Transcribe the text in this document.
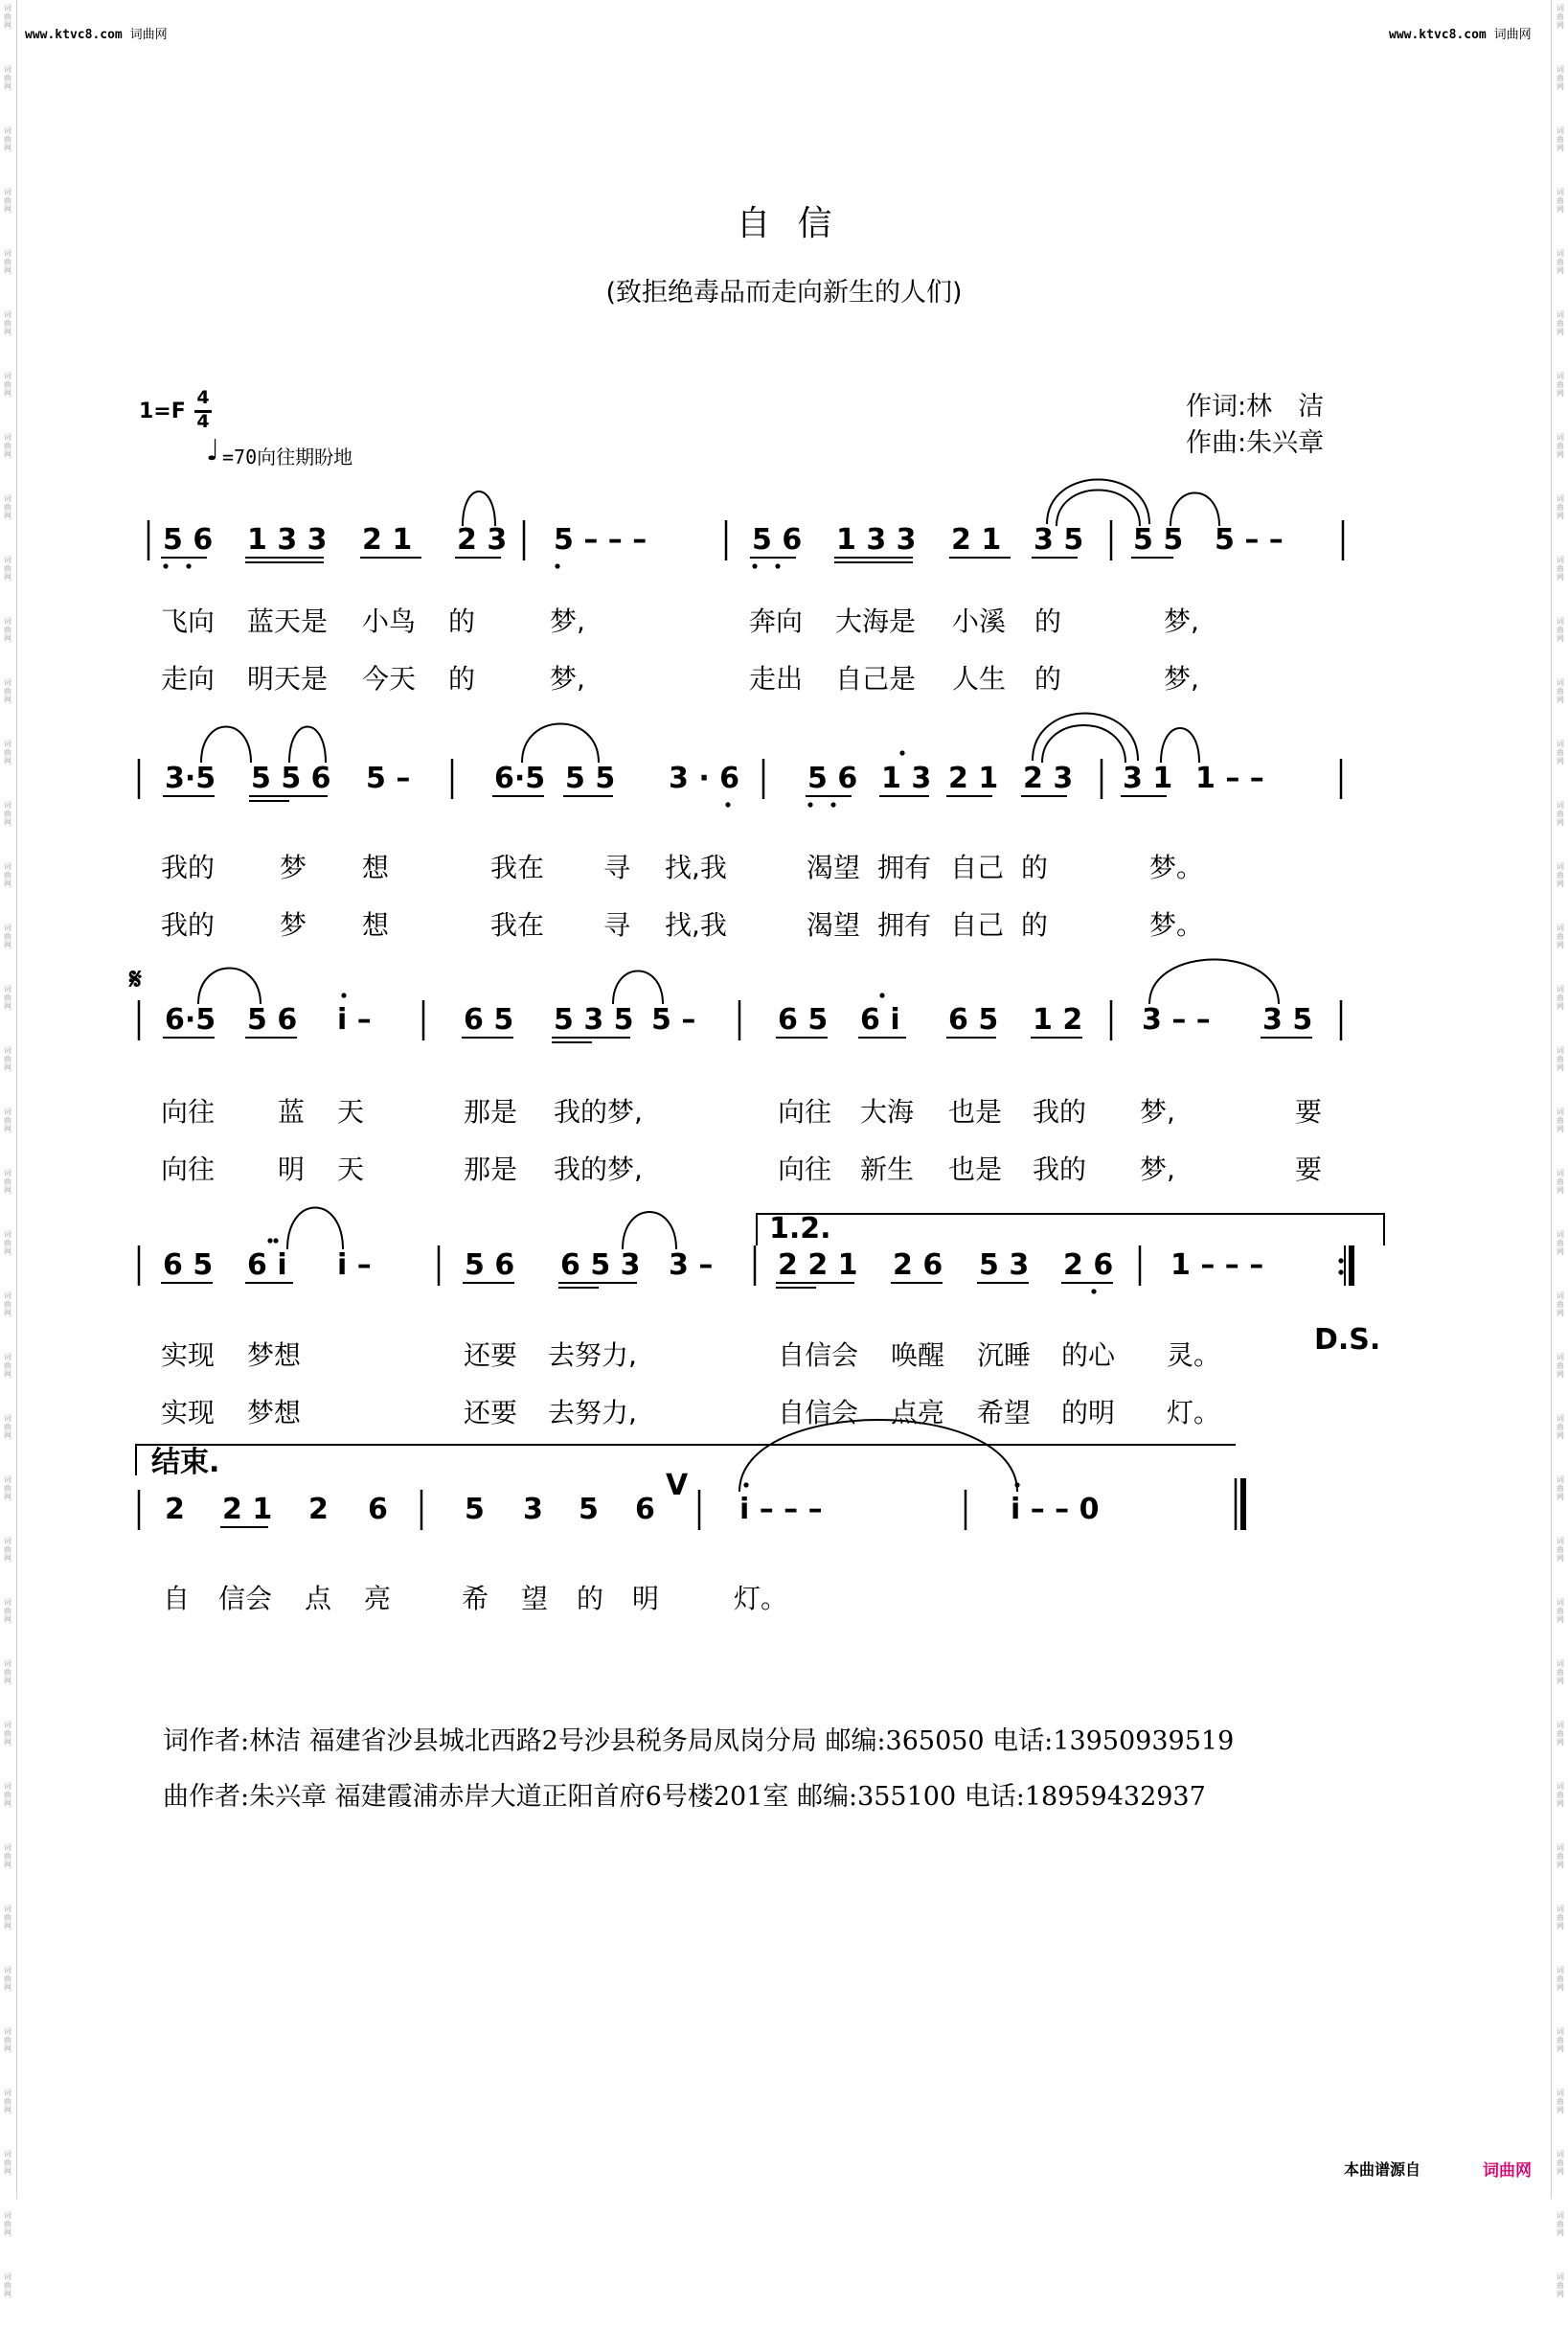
词
曲
网
词
曲
网
词
曲
网
词
曲
网
词
曲
网
词
曲
网
词
曲
网
词
曲
网
词
曲
网
词
曲
网
词
曲
网
词
曲
网
词
曲
网
词
曲
网
词
曲
网
词
曲
网
词
曲
网
词
曲
网
词
曲
网
词
曲
网
词
曲
网
词
曲
网
词
曲
网
词
曲
网
词
曲
网
词
曲
网
词
曲
网
词
曲
网
词
曲
网
词
曲
网
词
曲
网
词
曲
网
词
曲
网
词
曲
网
词
曲
网
词
曲
网
词
曲
网
词
曲
网
词
曲
网
词
曲
网
词
曲
网
词
曲
网
词
曲
网
词
曲
网
词
曲
网
词
曲
网
词
曲
网
词
曲
网
词
曲
网
词
曲
网
词
曲
网
词
曲
网
词
曲
网
词
曲
网
词
曲
网
词
曲
网
词
曲
网
词
曲
网
词
曲
网
词
曲
网
词
曲
网
词
曲
网
词
曲
网
词
曲
网
词
曲
网
词
曲
网
词
曲
网
词
曲
网
词
曲
网
词
曲
网
词
曲
网
词
曲
网
词
曲
网
词
曲
网
词
曲
网
词
曲
网
www.ktvc8.com 词曲网	www.ktvc8.com 词曲网
自信
(致拒绝毒品而走向新生的人们)
作词:林　洁
作曲:朱兴章
1=F
4
4
♩ =70向往期盼地
5 6 1 3 3 2 1 2 3 5 – – –	5 6 1 3 3 2 1 3 5 5 5 5 – –
3·5 5 5 6 5 –	6·5 5 5 3 · 6 5 6 1 3 2 1 2 3 3 1 1 – –
6·5 5 6 i –	6 5 5 3 5 5 –	6 5 6 i 6 5 1 2 3 – – 3 5
𝄋
6 5 6 i i –	5 6 6 5 3 3 – 2 2 1 2 6 5 3 2 6 1 – – –
1.2.
D.S.
2 2 1 2 6	5 3 5 6	i – – –	i – – 0
V
结束.
飞向 蓝天是 小鸟 的	梦,	奔向 大海是 小溪 的	梦,
走向 明天是 今天 的	梦,	走出 自己是 人生 的	梦,
我的 梦 想	我在 寻 找,我	渴望 拥有 自己 的	梦。
我的 梦 想	我在 寻 找,我	渴望 拥有 自己 的	梦。
向往 蓝 天	那是 我的梦,	向往 大海 也是 我的 梦,	要
向往 明 天	那是 我的梦,	向往 新生 也是 我的 梦,	要
实现 梦想	还要 去努力,	自信会 唤醒 沉睡 的心 灵。
实现 梦想	还要 去努力,	自信会 点亮 希望 的明 灯。
自 信会 点 亮	希 望 的 明	灯。
词作者:林洁 福建省沙县城北西路2号沙县税务局凤岗分局 邮编:365050 电话:13950939519
曲作者:朱兴章 福建霞浦赤岸大道正阳首府6号楼201室 邮编:355100 电话:18959432937
本曲谱源自	词曲网
